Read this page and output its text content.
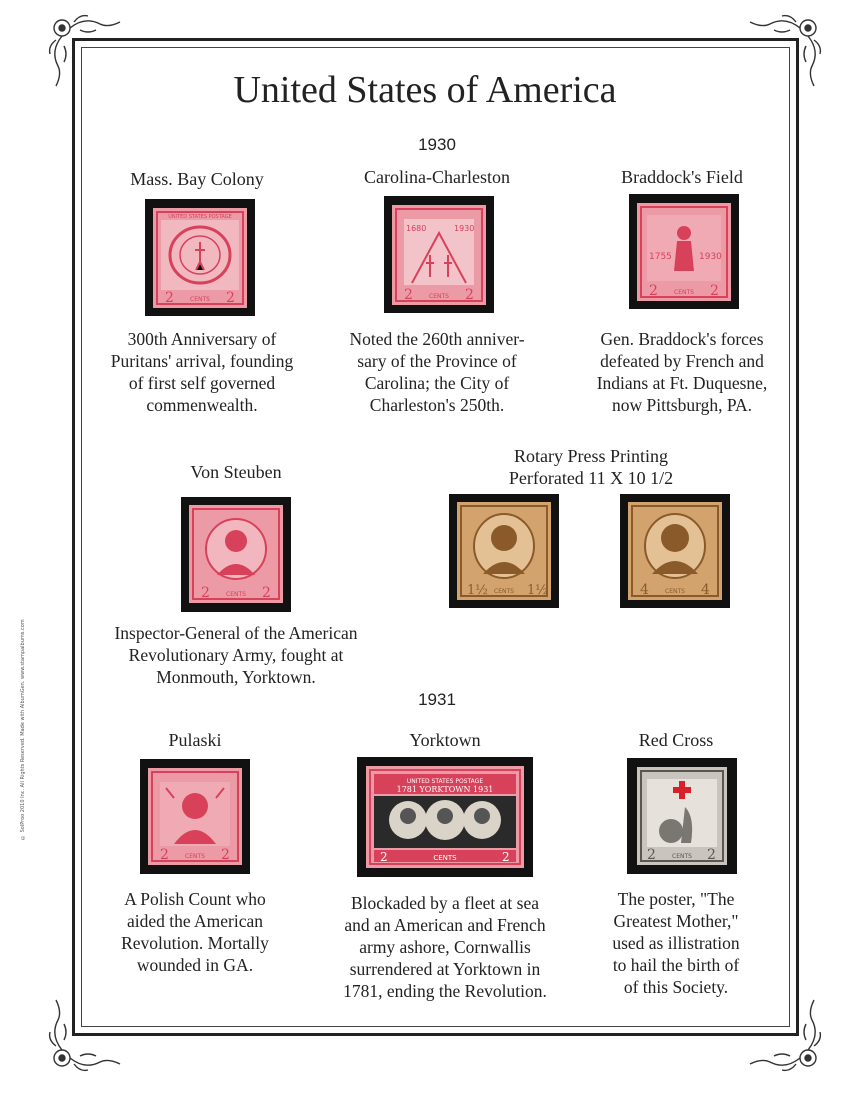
© SolProo 2010 Inc. All Rights Reserved. Made with AlbumGen. www.stampalbums.com
United States of America
1930
1931
Mass. Bay Colony
UNITED STATES POSTAGE
2	2
CENTS
300th Anniversary of
Puritans' arrival, founding
of first self governed
commenwealth.
Carolina-Charleston
1680	1930
2	2
CENTS
Noted the 260th anniver-
sary of the Province of
Carolina; the City of
Charleston's 250th.
Braddock's Field
1755	1930
2	2
CENTS
Gen. Braddock's forces
defeated by French and
Indians at Ft. Duquesne,
now Pittsburgh, PA.
Von Steuben
2	2
CENTS
Inspector-General of the American
Revolutionary Army, fought at
Monmouth, Yorktown.
Rotary Press Printing
Perforated 11 X 10 1/2
1½	1½
CENTS	4	4
CENTS
Pulaski
2	2
CENTS
A Polish Count who
aided the American
Revolution. Mortally
wounded in GA.
Yorktown
UNITED STATES POSTAGE
1781 YORKTOWN 1931
2	2
CENTS
Blockaded by a fleet at sea
and an American and French
army ashore, Cornwallis
surrendered at Yorktown in
1781, ending the Revolution.
Red Cross
2	2
CENTS
The poster, "The
Greatest Mother,"
used as illistration
to hail the birth of
of this Society.
